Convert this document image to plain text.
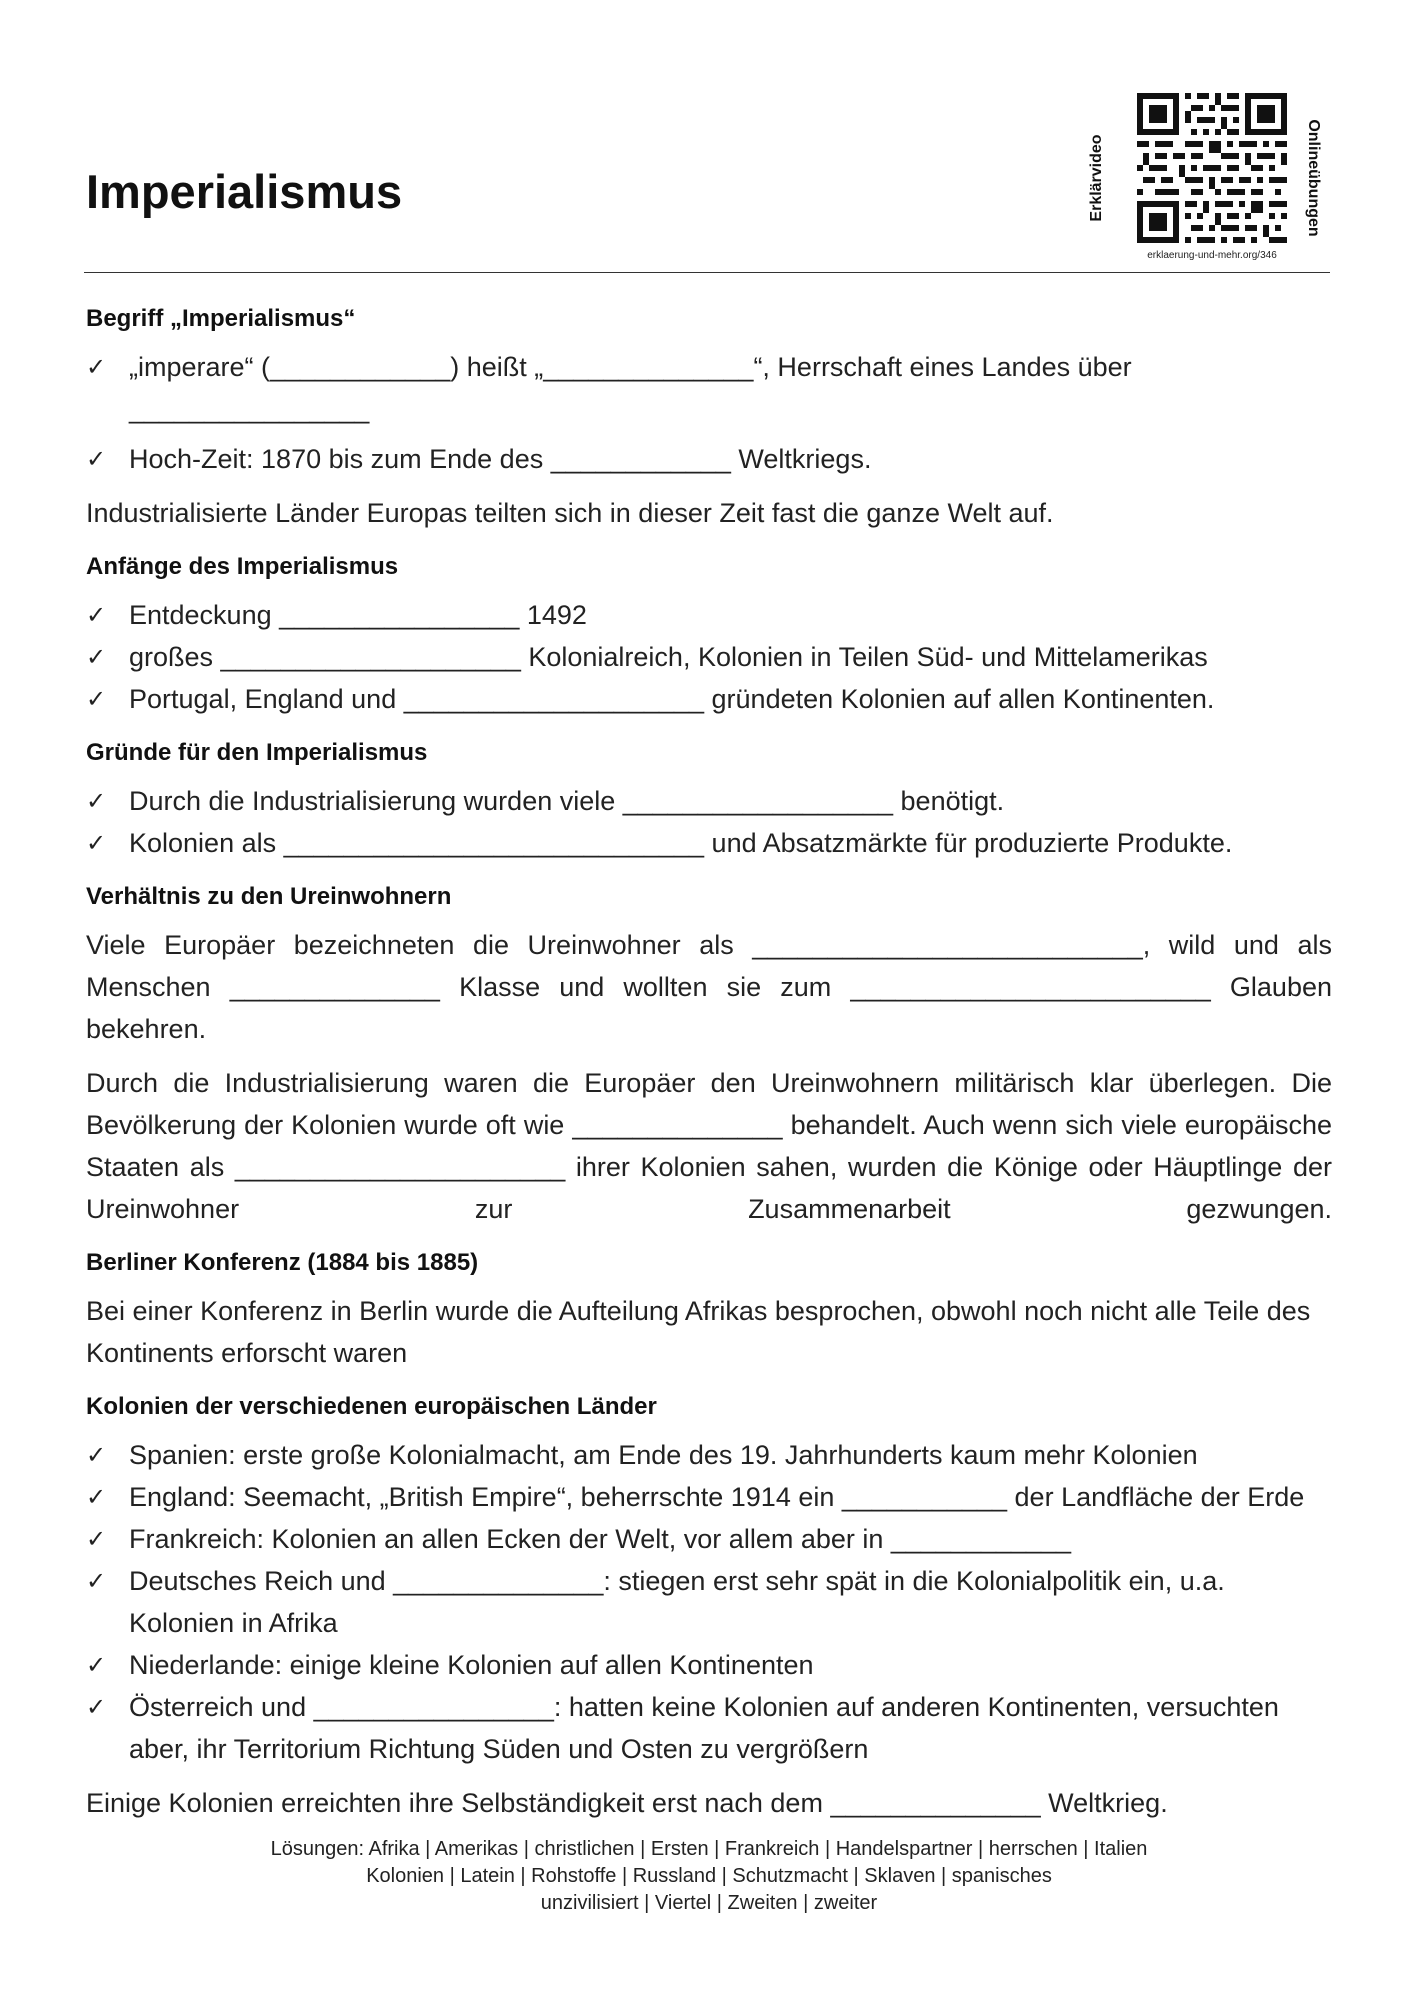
Imperialismus	Erklärvideo	Onlineübungen
erklaerung-und-mehr.org/346
Begriff „Imperialismus“
✓ „imperare“ (____________) heißt „______________“, Herrschaft eines Landes über ________________
✓ Hoch-Zeit: 1870 bis zum Ende des ____________ Weltkriegs.

Industrialisierte Länder Europas teilten sich in dieser Zeit fast die ganze Welt auf.

Anfänge des Imperialismus
✓ Entdeckung ________________ 1492
✓ großes ____________________ Kolonialreich, Kolonien in Teilen Süd- und Mittelamerikas
✓ Portugal, England und ____________________ gründeten Kolonien auf allen Kontinenten.
Gründe für den Imperialismus
✓ Durch die Industrialisierung wurden viele __________________ benötigt.
✓ Kolonien als ____________________________ und Absatzmärkte für produzierte Produkte.
Verhältnis zu den Ureinwohnern

Viele Europäer bezeichneten die Ureinwohner als __________________________, wild und als Menschen ______________ Klasse und wollten sie zum ________________________ Glauben bekehren.

Durch die Industrialisierung waren die Europäer den Ureinwohnern militärisch klar überlegen. Die Bevölkerung der Kolonien wurde oft wie ______________ behandelt. Auch wenn sich viele europäische Staaten als ______________________ ihrer Kolonien sahen, wurden die Könige oder Häuptlinge der Ureinwohner zur Zusammenarbeit gezwungen.

Berliner Konferenz (1884 bis 1885)

Bei einer Konferenz in Berlin wurde die Aufteilung Afrikas besprochen, obwohl noch nicht alle Teile des Kontinents erforscht waren

Kolonien der verschiedenen europäischen Länder
✓ Spanien: erste große Kolonialmacht, am Ende des 19. Jahrhunderts kaum mehr Kolonien
✓ England: Seemacht, „British Empire“, beherrschte 1914 ein ___________ der Landfläche der Erde
✓ Frankreich: Kolonien an allen Ecken der Welt, vor allem aber in ____________
✓ Deutsches Reich und ______________: stiegen erst sehr spät in die Kolonialpolitik ein, u.a. Kolonien in Afrika
✓ Niederlande: einige kleine Kolonien auf allen Kontinenten
✓ Österreich und ________________: hatten keine Kolonien auf anderen Kontinenten, versuchten aber, ihr Territorium Richtung Süden und Osten zu vergrößern

Einige Kolonien erreichten ihre Selbständigkeit erst nach dem ______________ Weltkrieg.

Lösungen: Afrika | Amerikas | christlichen | Ersten | Frankreich | Handelspartner | herrschen | Italien
Kolonien | Latein | Rohstoffe | Russland | Schutzmacht | Sklaven | spanisches
unzivilisiert | Viertel | Zweiten | zweiter
